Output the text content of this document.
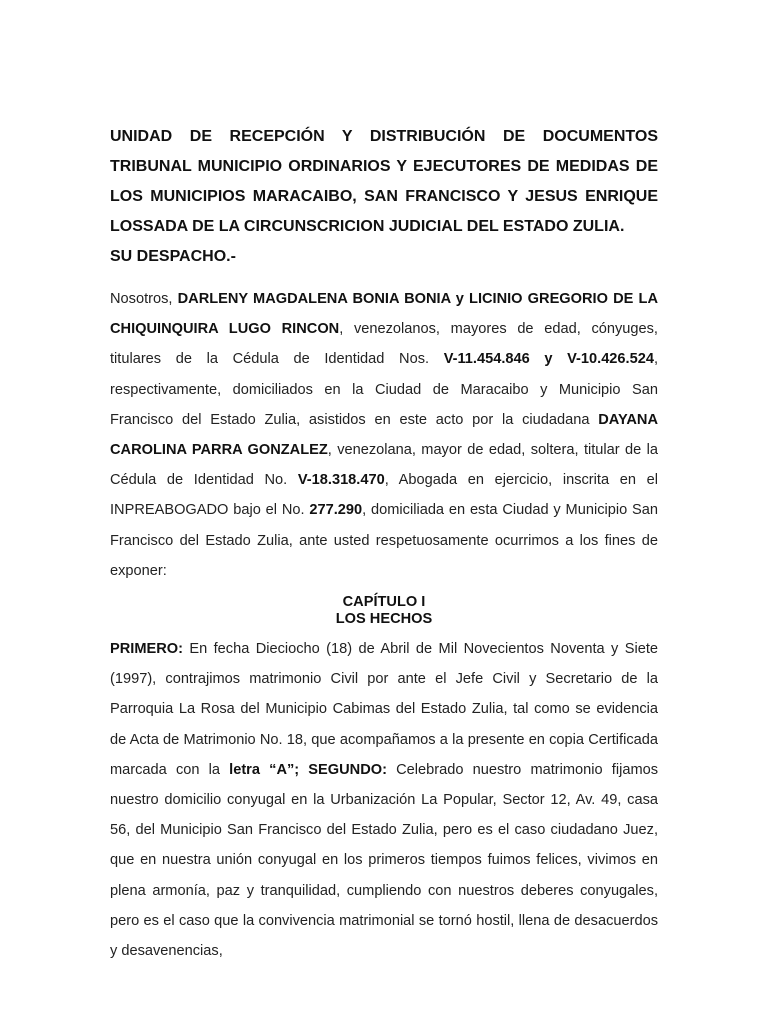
UNIDAD DE RECEPCIÓN Y DISTRIBUCIÓN DE DOCUMENTOS
TRIBUNAL MUNICIPIO ORDINARIOS Y EJECUTORES DE MEDIDAS DE
LOS MUNICIPIOS MARACAIBO, SAN FRANCISCO Y JESUS ENRIQUE
LOSSADA DE LA CIRCUNSCRICION JUDICIAL DEL ESTADO ZULIA.

SU DESPACHO.-

Nosotros, DARLENY MAGDALENA BONIA BONIA y LICINIO GREGORIO DE LA CHIQUINQUIRA LUGO RINCON, venezolanos, mayores de edad, cónyuges, titulares de la Cédula de Identidad Nos. V-11.454.846 y V-10.426.524, respectivamente, domiciliados en la Ciudad de Maracaibo y Municipio San Francisco del Estado Zulia, asistidos en este acto por la ciudadana DAYANA CAROLINA PARRA GONZALEZ, venezolana, mayor de edad, soltera, titular de la Cédula de Identidad No. V-18.318.470, Abogada en ejercicio, inscrita en el INPREABOGADO bajo el No. 277.290, domiciliada en esta Ciudad y Municipio San Francisco del Estado Zulia, ante usted respetuosamente ocurrimos a los fines de exponer:

CAPÍTULO I
LOS HECHOS

PRIMERO: En fecha Dieciocho (18) de Abril de Mil Novecientos Noventa y Siete (1997), contrajimos matrimonio Civil por ante el Jefe Civil y Secretario de la Parroquia La Rosa del Municipio Cabimas del Estado Zulia, tal como se evidencia de Acta de Matrimonio No. 18, que acompañamos a la presente en copia Certificada marcada con la letra “A”; SEGUNDO: Celebrado nuestro matrimonio fijamos nuestro domicilio conyugal en la Urbanización La Popular, Sector 12, Av. 49, casa 56, del Municipio San Francisco del Estado Zulia, pero es el caso ciudadano Juez, que en nuestra unión conyugal en los primeros tiempos fuimos felices, vivimos en plena armonía, paz y tranquilidad, cumpliendo con nuestros deberes conyugales, pero es el caso que la convivencia matrimonial se tornó hostil, llena de desacuerdos y desavenencias,
